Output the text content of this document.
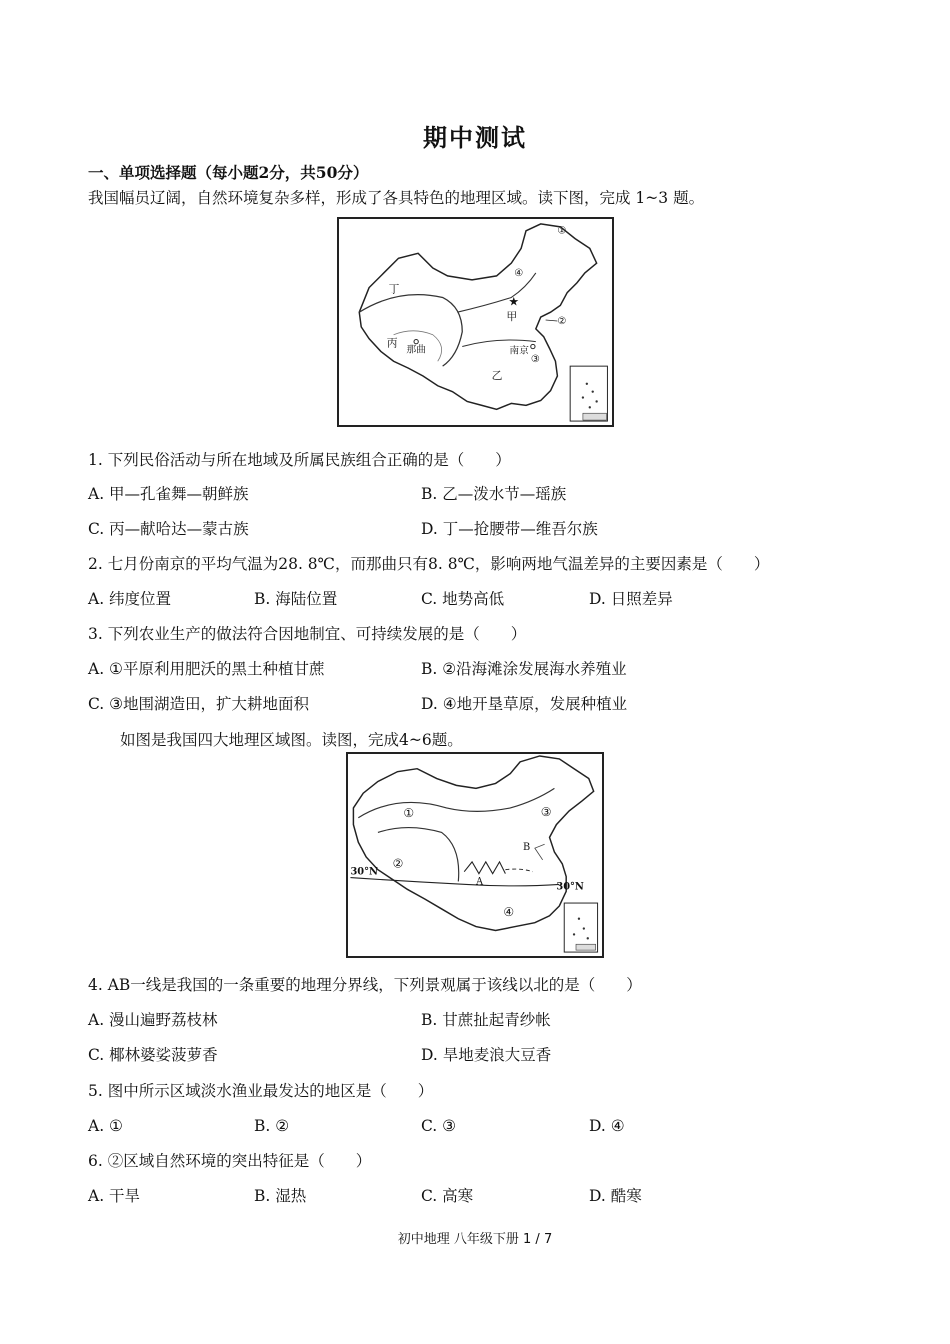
期中测试
一、单项选择题（每小题2分，共50分）
我国幅员辽阔，自然环境复杂多样，形成了各具特色的地理区域。读下图，完成 1~3 题。
丁
甲
乙
丙
那曲	南京
①
②
③
④
★
1. 下列民俗活动与所在地域及所属民族组合正确的是（　　）
A. 甲—孔雀舞—朝鲜族	B. 乙—泼水节—瑶族
C. 丙—献哈达—蒙古族	D. 丁—抢腰带—维吾尔族
2. 七月份南京的平均气温为28. 8℃，而那曲只有8. 8℃，影响两地气温差异的主要因素是（　　）
A. 纬度位置	B. 海陆位置	C. 地势高低	D. 日照差异
3. 下列农业生产的做法符合因地制宜、可持续发展的是（　　）
A. ①平原利用肥沃的黑土种植甘蔗	B. ②沿海滩涂发展海水养殖业
C. ③地围湖造田，扩大耕地面积	D. ④地开垦草原，发展种植业
如图是我国四大地理区域图。读图，完成4~6题。
①
②
③
④
A
B
30°N
30°N
4. AB一线是我国的一条重要的地理分界线，下列景观属于该线以北的是（　　）
A. 漫山遍野荔枝林	B. 甘蔗扯起青纱帐
C. 椰林婆娑菠萝香	D. 旱地麦浪大豆香
5. 图中所示区域淡水渔业最发达的地区是（　　）
A. ①	B. ②	C. ③	D. ④
6. ②区域自然环境的突出特征是（　　）
A. 干旱	B. 湿热	C. 高寒	D. 酷寒
初中地理 八年级下册 1 / 7
